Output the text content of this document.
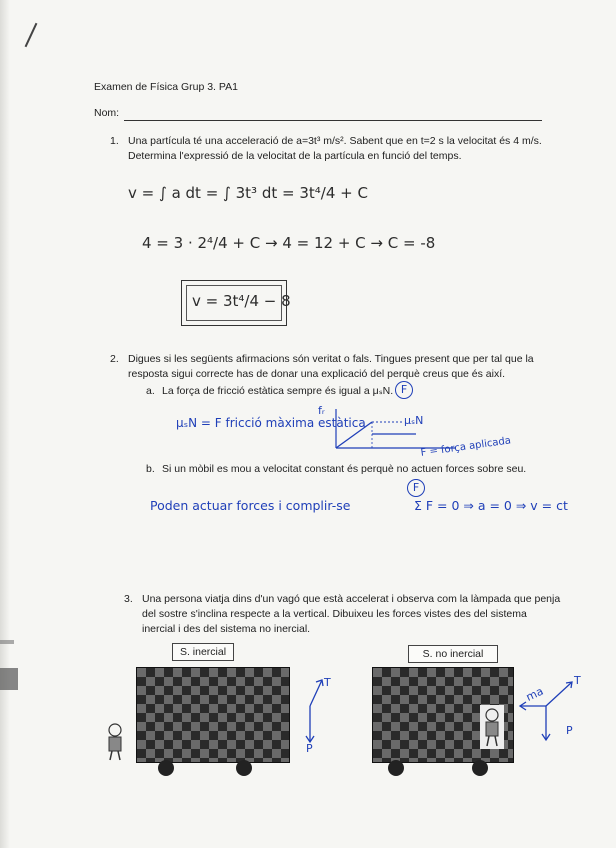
Examen de Física Grup 3. PA1
Nom:
1. Una partícula té una acceleració de a=3t³ m/s². Sabent que en t=2 s la velocitat és 4 m/s.
Determina l'expressió de la velocitat de la partícula en funció del temps.
v = ∫ a dt = ∫ 3t³ dt = 3t⁴/4 + C
4 = 3 · 2⁴/4 + C → 4 = 12 + C → C = -8
v = 3t⁴/4 − 8
2. Digues si les següents afirmacions són veritat o fals. Tingues present que per tal que la
resposta sigui correcte has de donar una explicació del perquè creus que és així.
a. La força de fricció estàtica sempre és igual a μₛN. F
μₛN = F fricció màxima estàtica
fᵣ
μₛN
F = força aplicada
b. Si un mòbil es mou a velocitat constant és perquè no actuen forces sobre seu.
F
Poden actuar forces i complir-se	Σ F = 0 ⇒ a = 0 ⇒ v = ct
3. Una persona viatja dins d'un vagó que està accelerat i observa com la làmpada que penja
del sostre s'inclina respecte a la vertical. Dibuixeu les forces vistes des del sistema
inercial i des del sistema no inercial.
S. inercial	S. no inercial
T
P
ma
T
P
